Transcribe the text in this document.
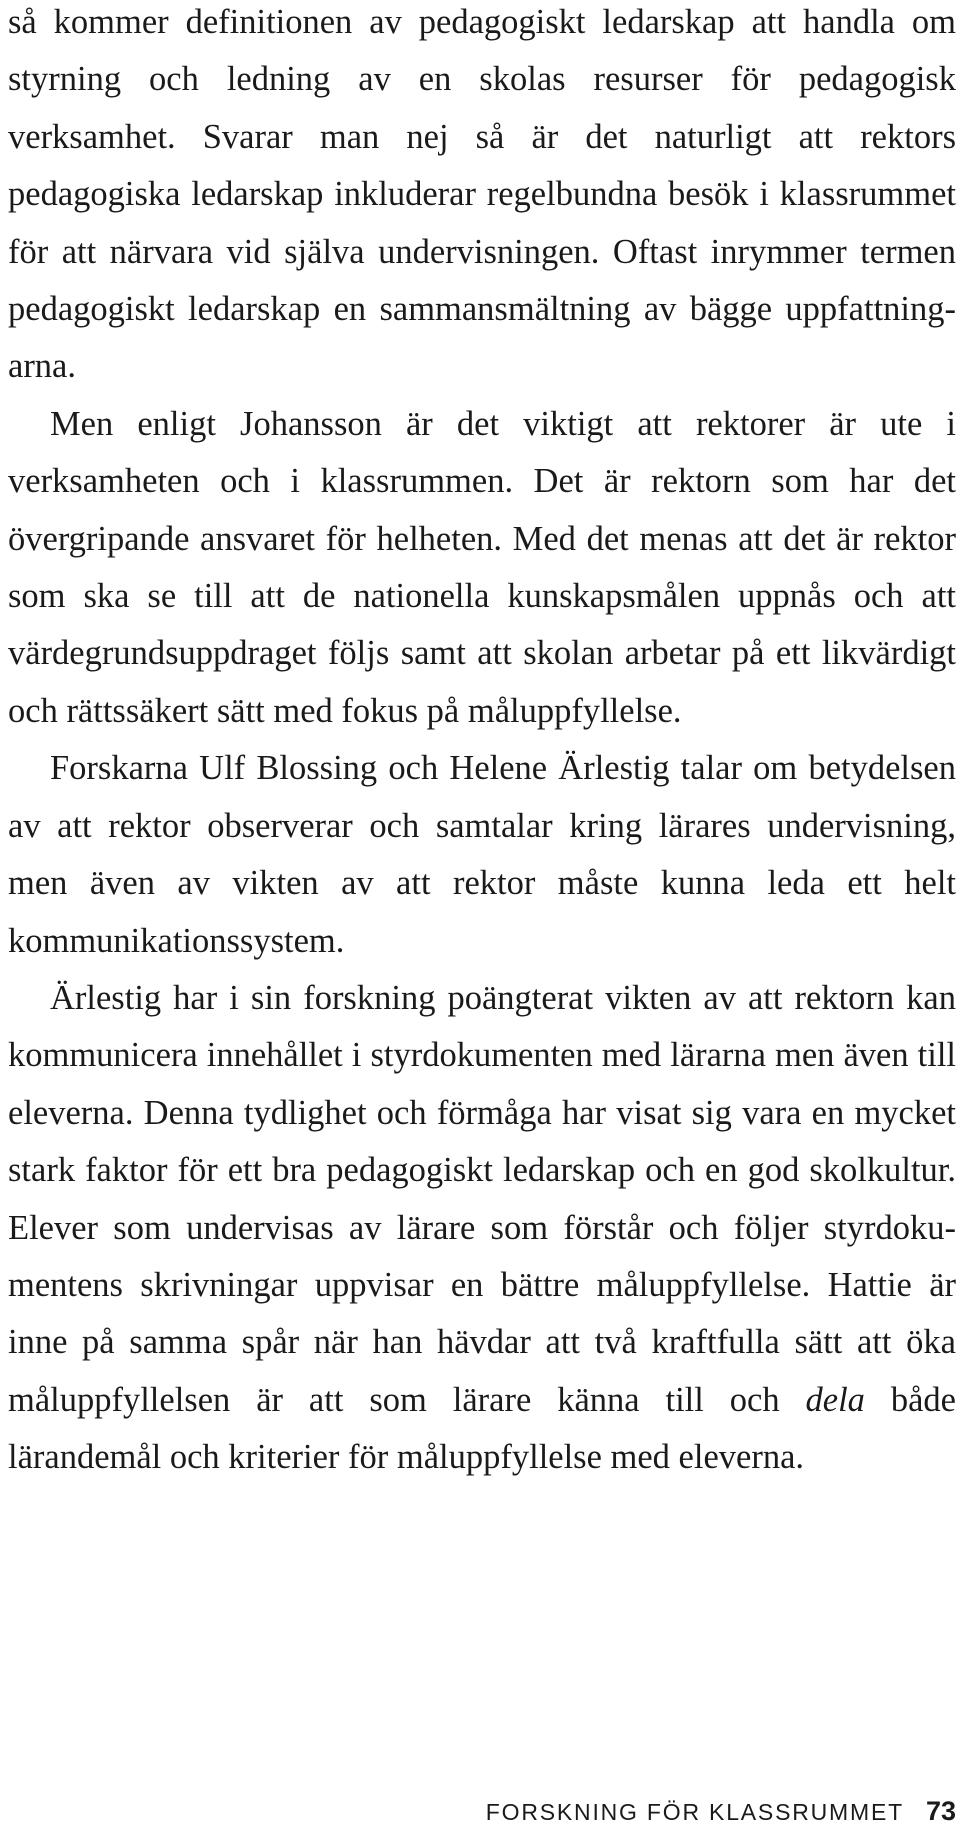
så kommer definitionen av pedagogiskt ledarskap att handla om styrning och ledning av en skolas resurser för pedagogisk verksamhet. Svarar man nej så är det naturligt att rektors pedagogiska ledarskap inkluderar regelbundna besök i klassrummet för att närvara vid själva undervisningen. Oftast inrymmer termen pedagogiskt ledarskap en sammansmältning av bägge uppfattningarna.

Men enligt Johansson är det viktigt att rektorer är ute i verksamheten och i klassrummen. Det är rektorn som har det övergripande ansvaret för helheten. Med det menas att det är rektor som ska se till att de nationella kunskapsmålen uppnås och att värdegrundsuppdraget följs samt att skolan arbetar på ett likvärdigt och rättssäkert sätt med fokus på måluppfyllelse.

Forskarna Ulf Blossing och Helene Ärlestig talar om betydelsen av att rektor observerar och samtalar kring lärares undervisning, men även av vikten av att rektor måste kunna leda ett helt kommunikationssystem.

Ärlestig har i sin forskning poängterat vikten av att rektorn kan kommunicera innehållet i styrdokumenten med lärarna men även till eleverna. Denna tydlighet och förmåga har visat sig vara en mycket stark faktor för ett bra pedagogiskt ledarskap och en god skolkultur. Elever som undervisas av lärare som förstår och följer styrdokumentens skrivningar uppvisar en bättre måluppfyllelse. Hattie är inne på samma spår när han hävdar att två kraftfulla sätt att öka måluppfyllelsen är att som lärare känna till och dela både lärandemål och kriterier för måluppfyllelse med eleverna.

FORSKNING FÖR KLASSRUMMET 73
